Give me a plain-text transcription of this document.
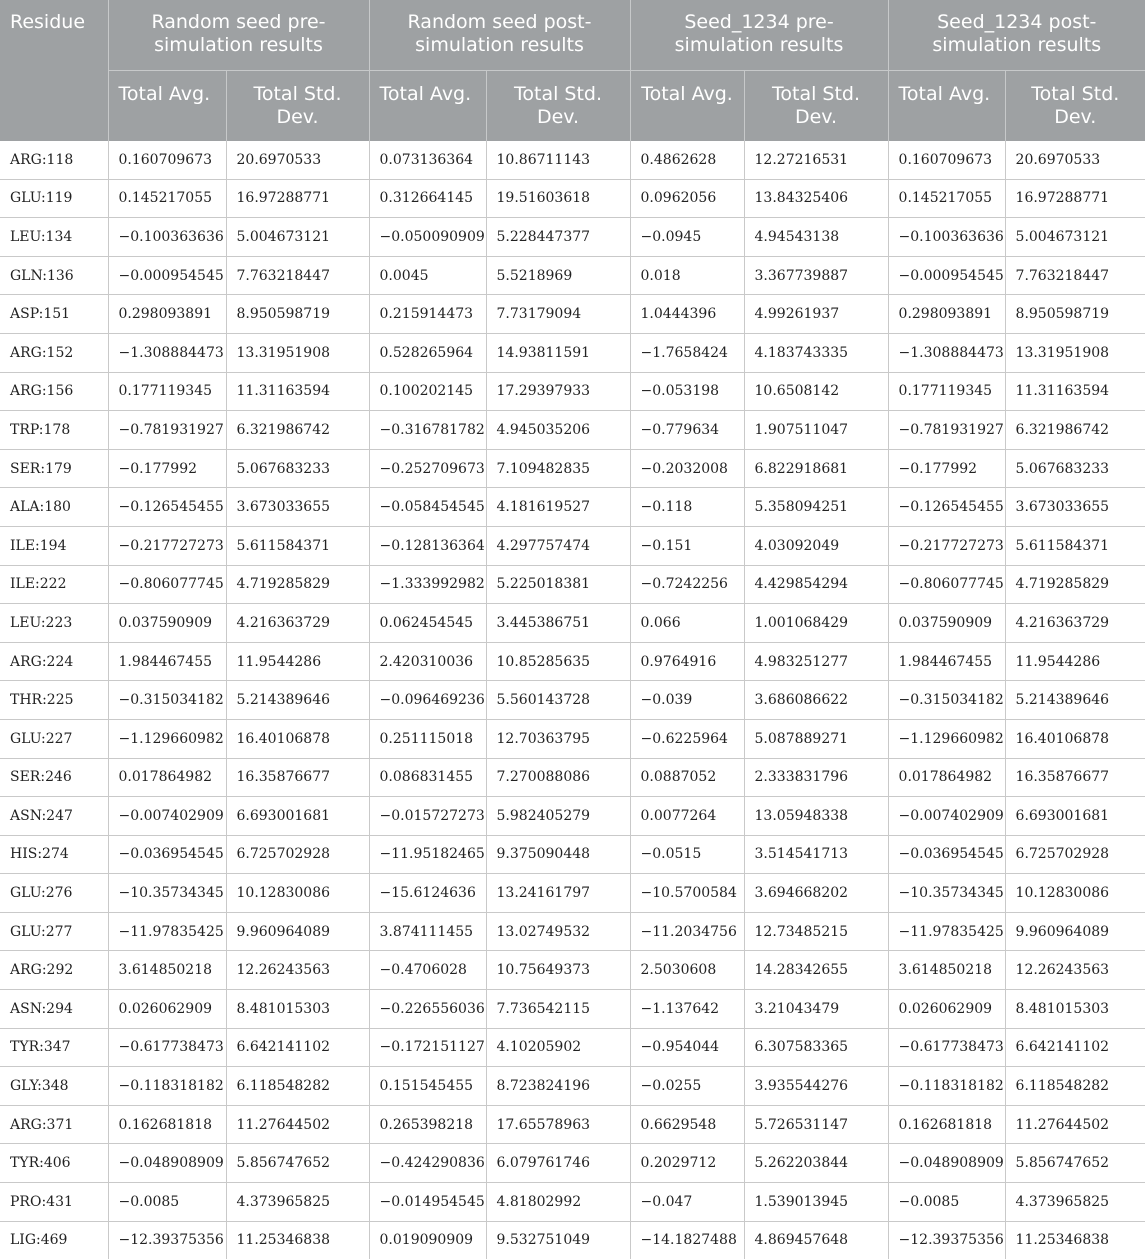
Residue	Random seed pre-simulation results		Random seed post-simulation results		Seed_1234 pre-simulation results		Seed_1234 post-simulation results	
	Total Avg.	Total Std. Dev.	Total Avg.	Total Std. Dev.	Total Avg.	Total Std. Dev.	Total Avg.	Total Std. Dev.
ARG:118	0.160709673	20.6970533	0.073136364	10.86711143	0.4862628	12.27216531	0.160709673	20.6970533
GLU:119	0.145217055	16.97288771	0.312664145	19.51603618	0.0962056	13.84325406	0.145217055	16.97288771
LEU:134	−0.100363636	5.004673121	−0.050090909	5.228447377	−0.0945	4.94543138	−0.100363636	5.004673121
GLN:136	−0.000954545	7.763218447	0.0045	5.5218969	0.018	3.367739887	−0.000954545	7.763218447
ASP:151	0.298093891	8.950598719	0.215914473	7.73179094	1.0444396	4.99261937	0.298093891	8.950598719
ARG:152	−1.308884473	13.31951908	0.528265964	14.93811591	−1.7658424	4.183743335	−1.308884473	13.31951908
ARG:156	0.177119345	11.31163594	0.100202145	17.29397933	−0.053198	10.6508142	0.177119345	11.31163594
TRP:178	−0.781931927	6.321986742	−0.316781782	4.945035206	−0.779634	1.907511047	−0.781931927	6.321986742
SER:179	−0.177992	5.067683233	−0.252709673	7.109482835	−0.2032008	6.822918681	−0.177992	5.067683233
ALA:180	−0.126545455	3.673033655	−0.058454545	4.181619527	−0.118	5.358094251	−0.126545455	3.673033655
ILE:194	−0.217727273	5.611584371	−0.128136364	4.297757474	−0.151	4.03092049	−0.217727273	5.611584371
ILE:222	−0.806077745	4.719285829	−1.333992982	5.225018381	−0.7242256	4.429854294	−0.806077745	4.719285829
LEU:223	0.037590909	4.216363729	0.062454545	3.445386751	0.066	1.001068429	0.037590909	4.216363729
ARG:224	1.984467455	11.9544286	2.420310036	10.85285635	0.9764916	4.983251277	1.984467455	11.9544286
THR:225	−0.315034182	5.214389646	−0.096469236	5.560143728	−0.039	3.686086622	−0.315034182	5.214389646
GLU:227	−1.129660982	16.40106878	0.251115018	12.70363795	−0.6225964	5.087889271	−1.129660982	16.40106878
SER:246	0.017864982	16.35876677	0.086831455	7.270088086	0.0887052	2.333831796	0.017864982	16.35876677
ASN:247	−0.007402909	6.693001681	−0.015727273	5.982405279	0.0077264	13.05948338	−0.007402909	6.693001681
HIS:274	−0.036954545	6.725702928	−11.95182465	9.375090448	−0.0515	3.514541713	−0.036954545	6.725702928
GLU:276	−10.35734345	10.12830086	−15.6124636	13.24161797	−10.5700584	3.694668202	−10.35734345	10.12830086
GLU:277	−11.97835425	9.960964089	3.874111455	13.02749532	−11.2034756	12.73485215	−11.97835425	9.960964089
ARG:292	3.614850218	12.26243563	−0.4706028	10.75649373	2.5030608	14.28342655	3.614850218	12.26243563
ASN:294	0.026062909	8.481015303	−0.226556036	7.736542115	−1.137642	3.21043479	0.026062909	8.481015303
TYR:347	−0.617738473	6.642141102	−0.172151127	4.10205902	−0.954044	6.307583365	−0.617738473	6.642141102
GLY:348	−0.118318182	6.118548282	0.151545455	8.723824196	−0.0255	3.935544276	−0.118318182	6.118548282
ARG:371	0.162681818	11.27644502	0.265398218	17.65578963	0.6629548	5.726531147	0.162681818	11.27644502
TYR:406	−0.048908909	5.856747652	−0.424290836	6.079761746	0.2029712	5.262203844	−0.048908909	5.856747652
PRO:431	−0.0085	4.373965825	−0.014954545	4.81802992	−0.047	1.539013945	−0.0085	4.373965825
LIG:469	−12.39375356	11.25346838	0.019090909	9.532751049	−14.1827488	4.869457648	−12.39375356	11.25346838
